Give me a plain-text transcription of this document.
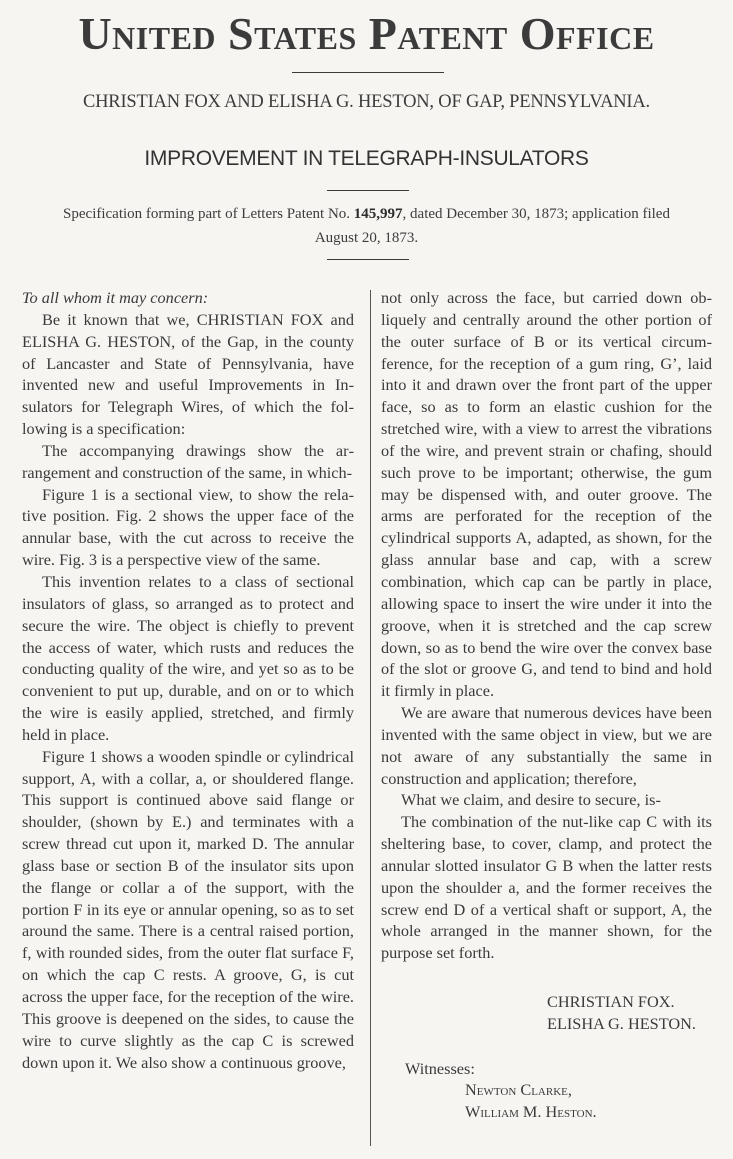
United States Patent Office
CHRISTIAN FOX AND ELISHA G. HESTON, OF GAP, PENNSYLVANIA.
IMPROVEMENT IN TELEGRAPH-INSULATORS
Specification forming part of Letters Patent No. 145,997, dated December 30, 1873; application filed
August 20, 1873.

To all whom it may concern:

Be it known that we, CHRISTIAN FOX and ELISHA G. HESTON, of the Gap, in the county of Lancaster and State of Pennsylvania, have invented new and useful Improvements in Insulators for Telegraph Wires, of which the following is a specification:

The accompanying drawings show the arrangement and construction of the same, in which-

Figure 1 is a sectional view, to show the relative position. Fig. 2 shows the upper face of the annular base, with the cut across to receive the wire. Fig. 3 is a perspective view of the same.

This invention relates to a class of sectional insulators of glass, so arranged as to protect and secure the wire. The object is chiefly to prevent the access of water, which rusts and reduces the conducting quality of the wire, and yet so as to be convenient to put up, durable, and on or to which the wire is easily applied, stretched, and firmly held in place.

Figure 1 shows a wooden spindle or cylindrical support, A, with a collar, a, or shouldered flange. This support is continued above said flange or shoulder, (shown by E.) and terminates with a screw thread cut upon it, marked D. The annular glass base or section B of the insulator sits upon the flange or collar a of the support, with the portion F in its eye or annular opening, so as to set around the same. There is a central raised portion, f, with rounded sides, from the outer flat surface F, on which the cap C rests. A groove, G, is cut across the upper face, for the reception of the wire. This groove is deepened on the sides, to cause the wire to curve slightly as the cap C is screwed down upon it. We also show a continuous groove,

not only across the face, but carried down obliquely and centrally around the other portion of the outer surface of B or its vertical circumference, for the reception of a gum ring, G’, laid into it and drawn over the front part of the upper face, so as to form an elastic cushion for the stretched wire, with a view to arrest the vibrations of the wire, and prevent strain or chafing, should such prove to be important; otherwise, the gum may be dispensed with, and outer groove. The arms are perforated for the reception of the cylindrical supports A, adapted, as shown, for the glass annular base and cap, with a screw combination, which cap can be partly in place, allowing space to insert the wire under it into the groove, when it is stretched and the cap screw down, so as to bend the wire over the convex base of the slot or groove G, and tend to bind and hold it firmly in place.

We are aware that numerous devices have been invented with the same object in view, but we are not aware of any substantially the same in construction and application; therefore,

What we claim, and desire to secure, is-

The combination of the nut-like cap C with its sheltering base, to cover, clamp, and protect the annular slotted insulator G B when the latter rests upon the shoulder a, and the former receives the screw end D of a vertical shaft or support, A, the whole arranged in the manner shown, for the purpose set forth.

CHRISTIAN FOX.
ELISHA G. HESTON.
Witnesses:
Newton Clarke,
William M. Heston.
